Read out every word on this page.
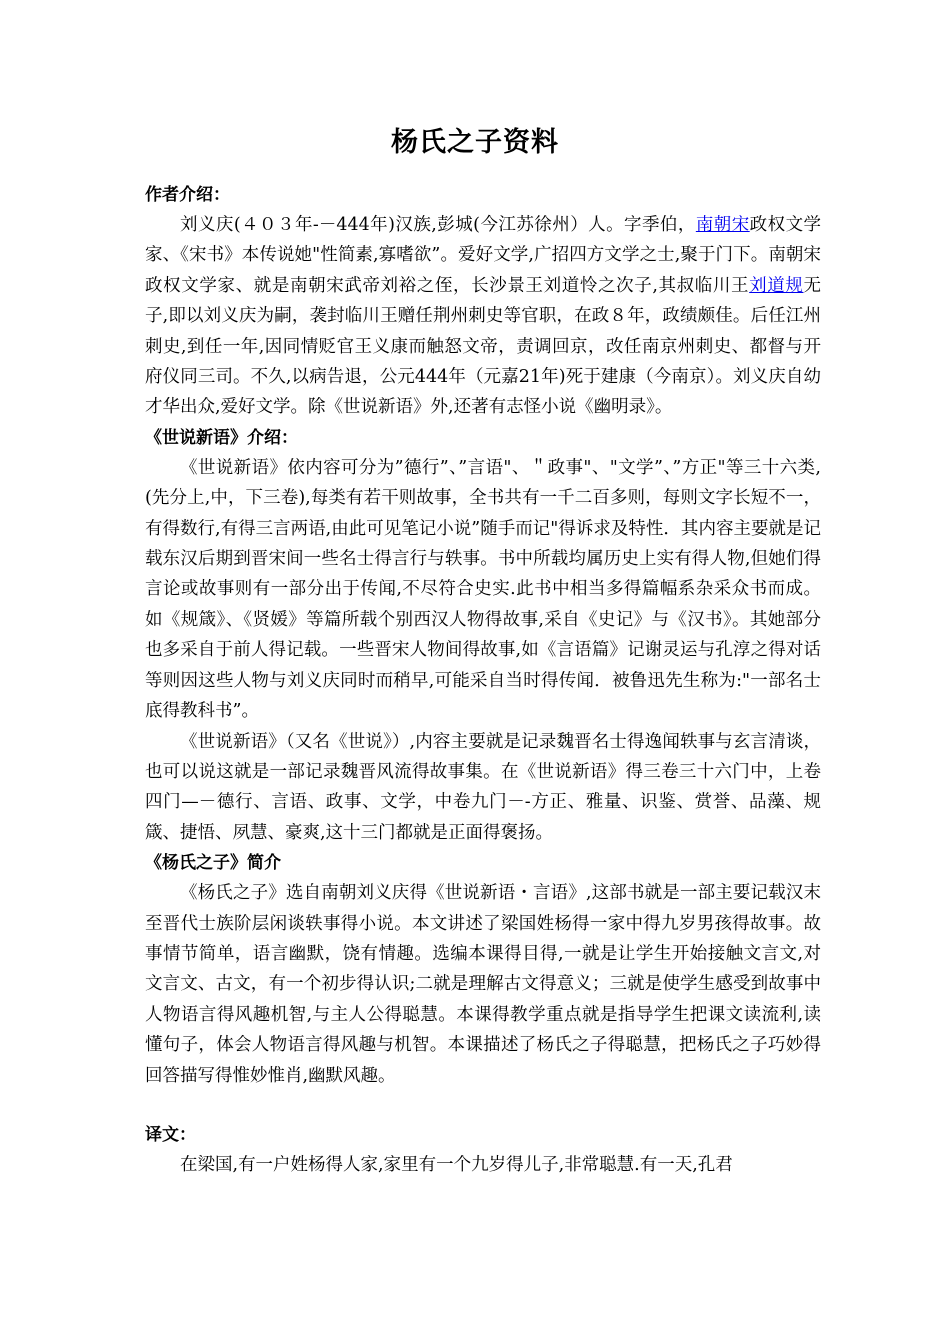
杨氏之子资料
作者介绍：

刘义庆(４０３年-－444年)汉族,彭城(今江苏徐州）人。字季伯，南朝宋政权文学家、《宋书》本传说她"性简素,寡嗜欲”。爱好文学,广招四方文学之士,聚于门下。南朝宋政权文学家、就是南朝宋武帝刘裕之侄，长沙景王刘道怜之次子,其叔临川王刘道规无子,即以刘义庆为嗣，袭封临川王赠任荆州刺史等官职，在政８年，政绩颇佳。后任江州刺史,到任一年,因同情贬官王义康而触怒文帝，责调回京，改任南京州刺史、都督与开府仪同三司。不久,以病告退，公元444年（元嘉21年)死于建康（今南京）。刘义庆自幼才华出众,爱好文学。除《世说新语》外,还著有志怪小说《幽明录》。

《世说新语》介绍：

《世说新语》依内容可分为”德行”、”言语"、＂政事"、"文学”、”方正"等三十六类,(先分上,中，下三卷),每类有若干则故事，全书共有一千二百多则，每则文字长短不一，有得数行,有得三言两语,由此可见笔记小说”随手而记"得诉求及特性．其内容主要就是记载东汉后期到晋宋间一些名士得言行与轶事。书中所载均属历史上实有得人物,但她们得言论或故事则有一部分出于传闻,不尽符合史实.此书中相当多得篇幅系杂采众书而成。如《规箴》、《贤媛》等篇所载个别西汉人物得故事,采自《史记》与《汉书》。其她部分也多采自于前人得记载。一些晋宋人物间得故事,如《言语篇》记谢灵运与孔淳之得对话等则因这些人物与刘义庆同时而稍早,可能采自当时得传闻．被鲁迅先生称为:"一部名士底得教科书”。

《世说新语》（又名《世说》）,内容主要就是记录魏晋名士得逸闻轶事与玄言清谈，也可以说这就是一部记录魏晋风流得故事集。在《世说新语》得三卷三十六门中，上卷四门—－德行、言语、政事、文学，中卷九门－-方正、雅量、识鉴、赏誉、品藻、规箴、捷悟、夙慧、豪爽,这十三门都就是正面得褒扬。

《杨氏之子》简介

《杨氏之子》选自南朝刘义庆得《世说新语・言语》,这部书就是一部主要记载汉末至晋代士族阶层闲谈轶事得小说。本文讲述了梁国姓杨得一家中得九岁男孩得故事。故事情节简单，语言幽默，饶有情趣。选编本课得目得,一就是让学生开始接触文言文,对文言文、古文，有一个初步得认识;二就是理解古文得意义；三就是使学生感受到故事中人物语言得风趣机智,与主人公得聪慧。本课得教学重点就是指导学生把课文读流利,读懂句子，体会人物语言得风趣与机智。本课描述了杨氏之子得聪慧，把杨氏之子巧妙得回答描写得惟妙惟肖,幽默风趣。

译文：

在梁国,有一户姓杨得人家,家里有一个九岁得儿子,非常聪慧.有一天,孔君
